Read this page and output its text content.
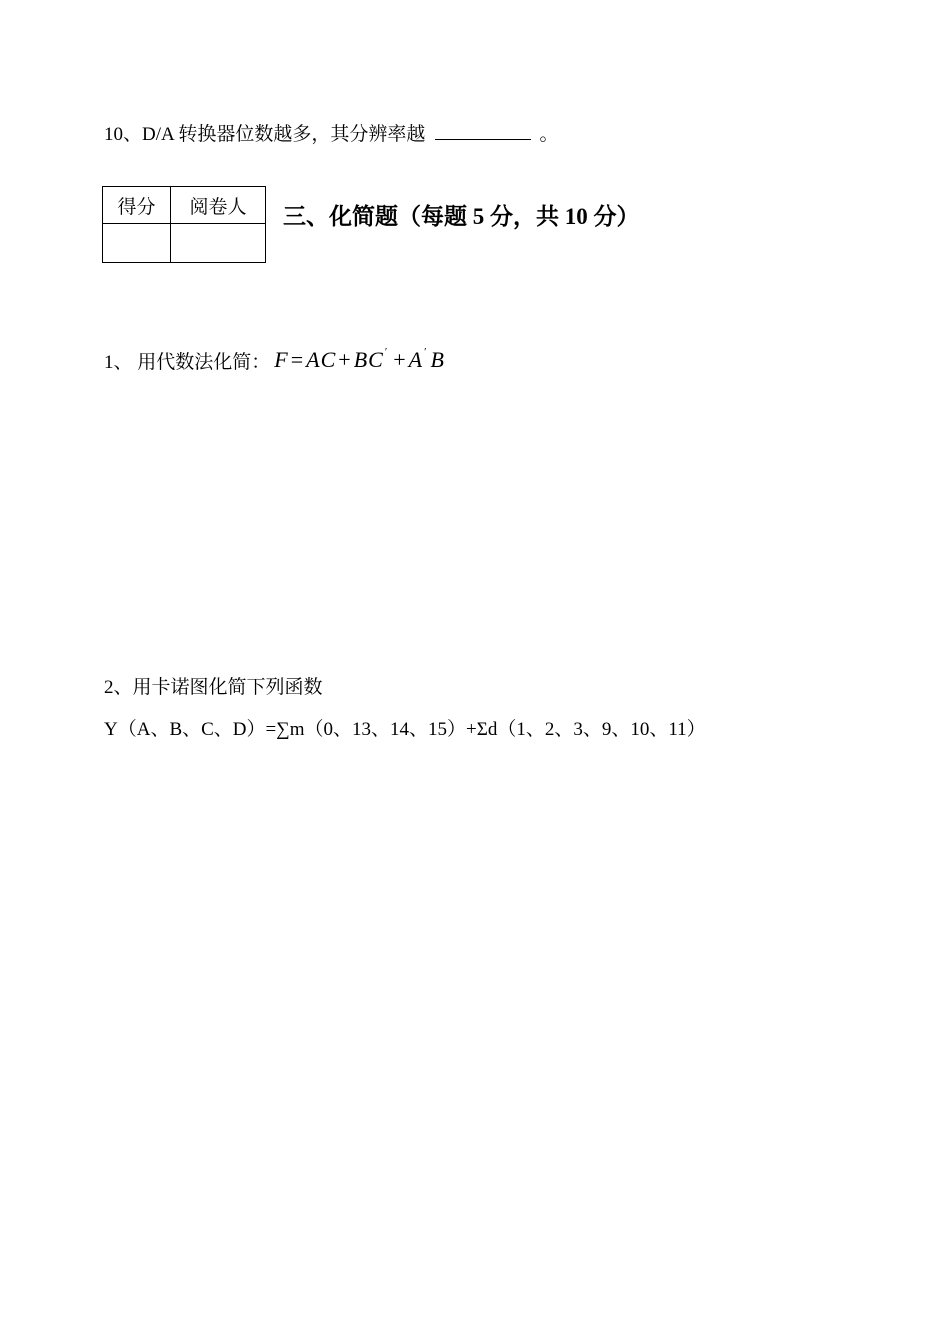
10、D/A 转换器位数越多，其分辨率越	。
得分	阅卷人
	三、化简题（每题 5 分，共 10 分）
1、 用代数法化简： F=AC+BC′ +A′ B
2、用卡诺图化简下列函数
Y（A、B、C、D）=∑m（0、13、14、15）+Σd（1、2、3、9、10、11）
